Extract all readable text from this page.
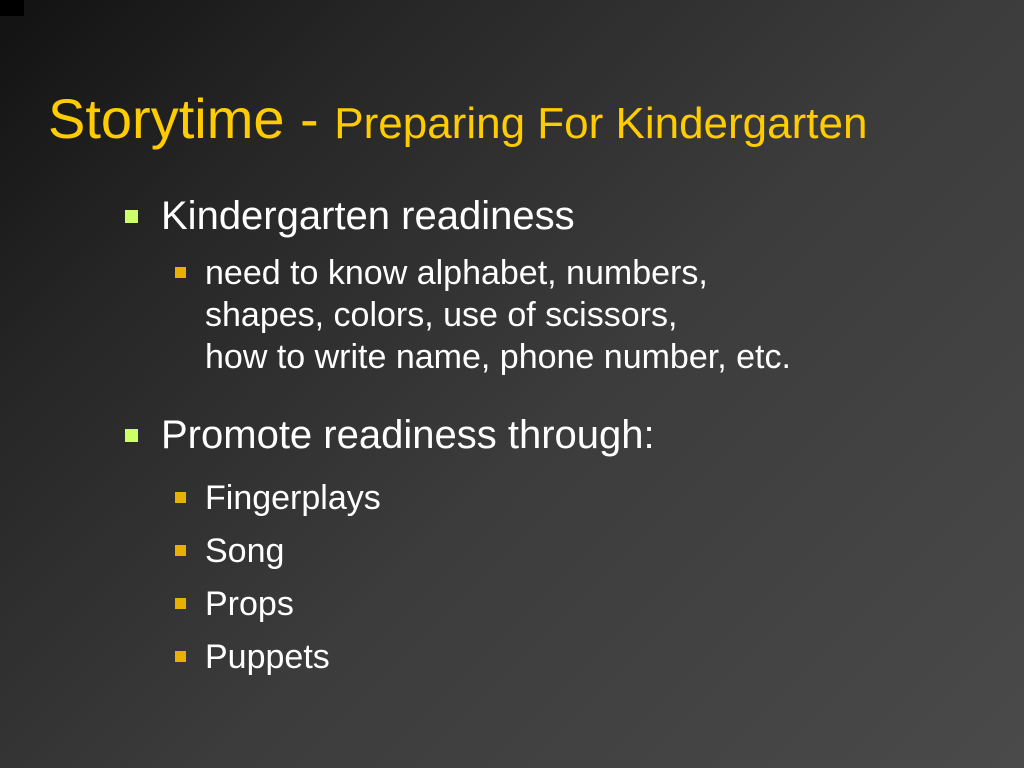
Storytime - Preparing For Kindergarten
Kindergarten readiness
need to know alphabet, numbers,
shapes, colors, use of scissors,
how to write name, phone number, etc.
Promote readiness through:
Fingerplays
Song
Props
Puppets
